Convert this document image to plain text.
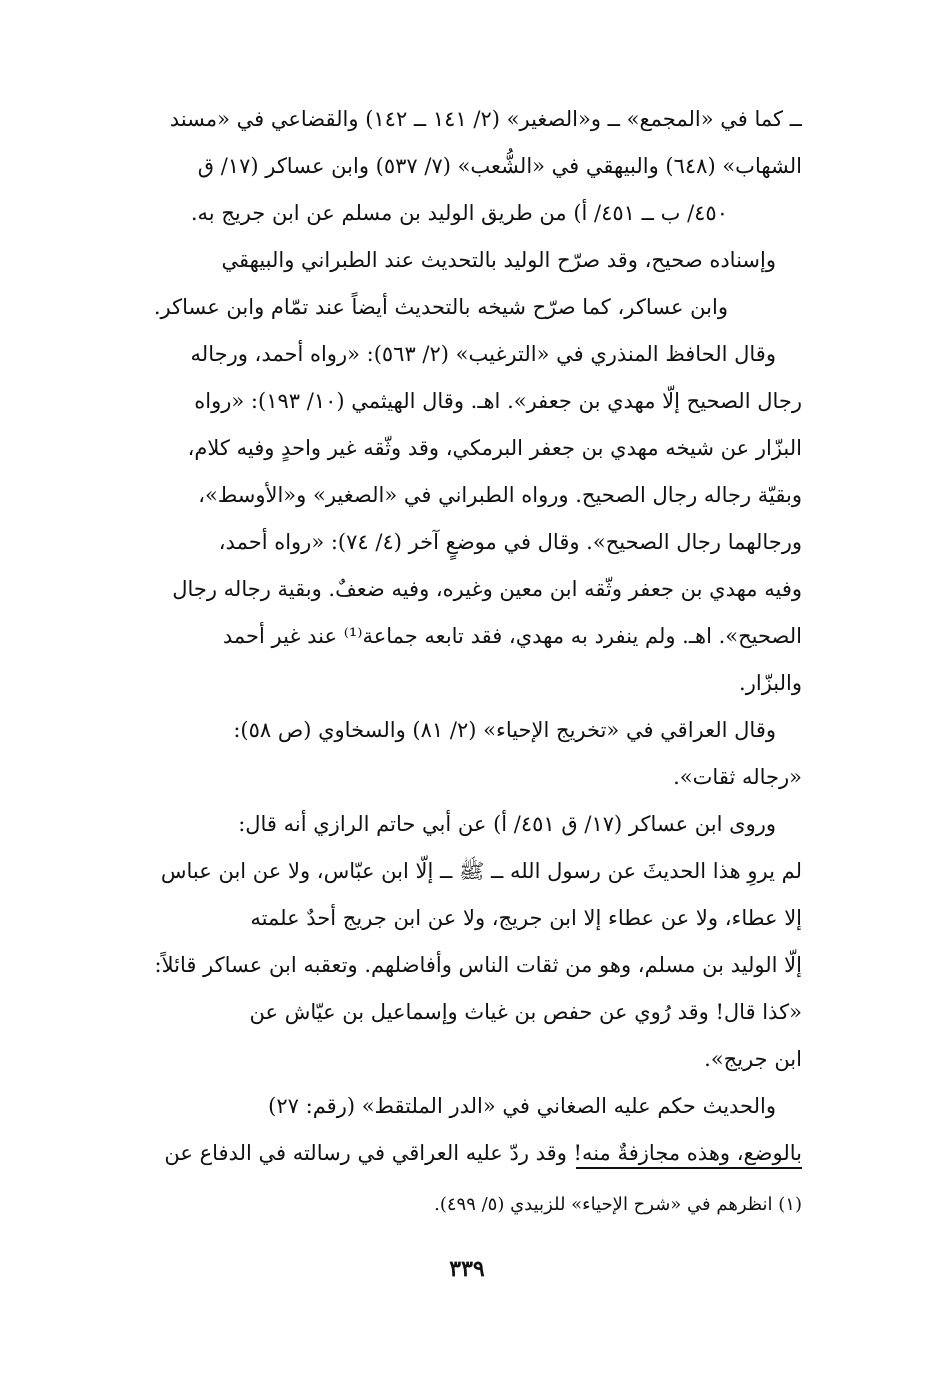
ــ كما في «المجمع» ــ و«الصغير» (٢/ ١٤١ ــ ١٤٢) والقضاعي في «مسند
الشهاب» (٦٤٨) والبيهقي في «الشُّعب» (٧/ ٥٣٧) وابن عساكر (١٧/ ق
٤٥٠/ ب ــ ٤٥١/ أ) من طريق الوليد بن مسلم عن ابن جريج به.
وإسناده صحيح، وقد صرّح الوليد بالتحديث عند الطبراني والبيهقي
وابن عساكر، كما صرّح شيخه بالتحديث أيضاً عند تمّام وابن عساكر.
وقال الحافظ المنذري في «الترغيب» (٢/ ٥٦٣): «رواه أحمد، ورجاله
رجال الصحيح إلّا مهدي بن جعفر». اهـ. وقال الهيثمي (١٠/ ١٩٣): «رواه
البزّار عن شيخه مهدي بن جعفر البرمكي، وقد وثّقه غير واحدٍ وفيه كلام،
وبقيّة رجاله رجال الصحيح. ورواه الطبراني في «الصغير» و«الأوسط»،
ورجالهما رجال الصحيح». وقال في موضعٍ آخر (٤/ ٧٤): «رواه أحمد،
وفيه مهدي بن جعفر وثّقه ابن معين وغيره، وفيه ضعفٌ. وبقية رجاله رجال
الصحيح». اهـ. ولم ينفرد به مهدي، فقد تابعه جماعة⁽¹⁾ عند غير أحمد
والبزّار.
وقال العراقي في «تخريج الإحياء» (٢/ ٨١) والسخاوي (ص ٥٨):
«رجاله ثقات».
وروى ابن عساكر (١٧/ ق ٤٥١/ أ) عن أبي حاتم الرازي أنه قال:
لم يروِ هذا الحديثَ عن رسول الله ــ ﷺ ــ إلّا ابن عبّاس، ولا عن ابن عباس
إلا عطاء، ولا عن عطاء إلا ابن جريج، ولا عن ابن جريج أحدٌ علمته
إلّا الوليد بن مسلم، وهو من ثقات الناس وأفاضلهم. وتعقبه ابن عساكر قائلاً:
«كذا قال! وقد رُوي عن حفص بن غياث وإسماعيل بن عيّاش عن
ابن جريج».
والحديث حكم عليه الصغاني في «الدر الملتقط» (رقم: ٢٧)
بالوضع، وهذه مجازفةٌ منه! وقد ردّ عليه العراقي في رسالته في الدفاع عن
(١) انظرهم في «شرح الإحياء» للزبيدي (٥/ ٤٩٩).
٣٣٩
